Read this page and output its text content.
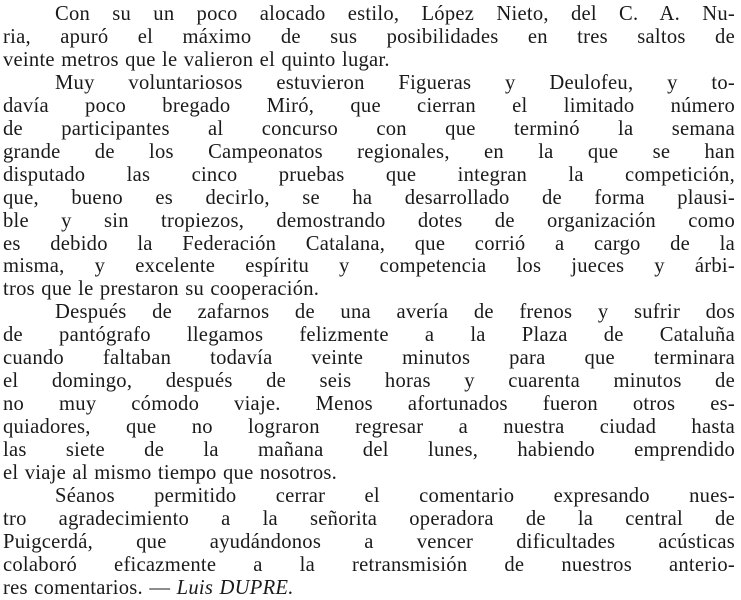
Con su un poco alocado estilo, López Nieto, del C. A. Nu-
ria, apuró el máximo de sus posibilidades en tres saltos de
veinte metros que le valieron el quinto lugar.

Muy voluntariosos estuvieron Figueras y Deulofeu, y to-
davía poco bregado Miró, que cierran el limitado número
de participantes al concurso con que terminó la semana
grande de los Campeonatos regionales, en la que se han
disputado las cinco pruebas que integran la competición,
que, bueno es decirlo, se ha desarrollado de forma plausi-
ble y sin tropiezos, demostrando dotes de organización como
es debido la Federación Catalana, que corrió a cargo de la
misma, y excelente espíritu y competencia los jueces y árbi-
tros que le prestaron su cooperación.

Después de zafarnos de una avería de frenos y sufrir dos
de pantógrafo llegamos felizmente a la Plaza de Cataluña
cuando faltaban todavía veinte minutos para que terminara
el domingo, después de seis horas y cuarenta minutos de
no muy cómodo viaje. Menos afortunados fueron otros es-
quiadores, que no lograron regresar a nuestra ciudad hasta
las siete de la mañana del lunes, habiendo emprendido
el viaje al mismo tiempo que nosotros.

Séanos permitido cerrar el comentario expresando nues-
tro agradecimiento a la señorita operadora de la central de
Puigcerdá, que ayudándonos a vencer dificultades acústicas
colaboró eficazmente a la retransmisión de nuestros anterio-
res comentarios. — Luis DUPRE.
